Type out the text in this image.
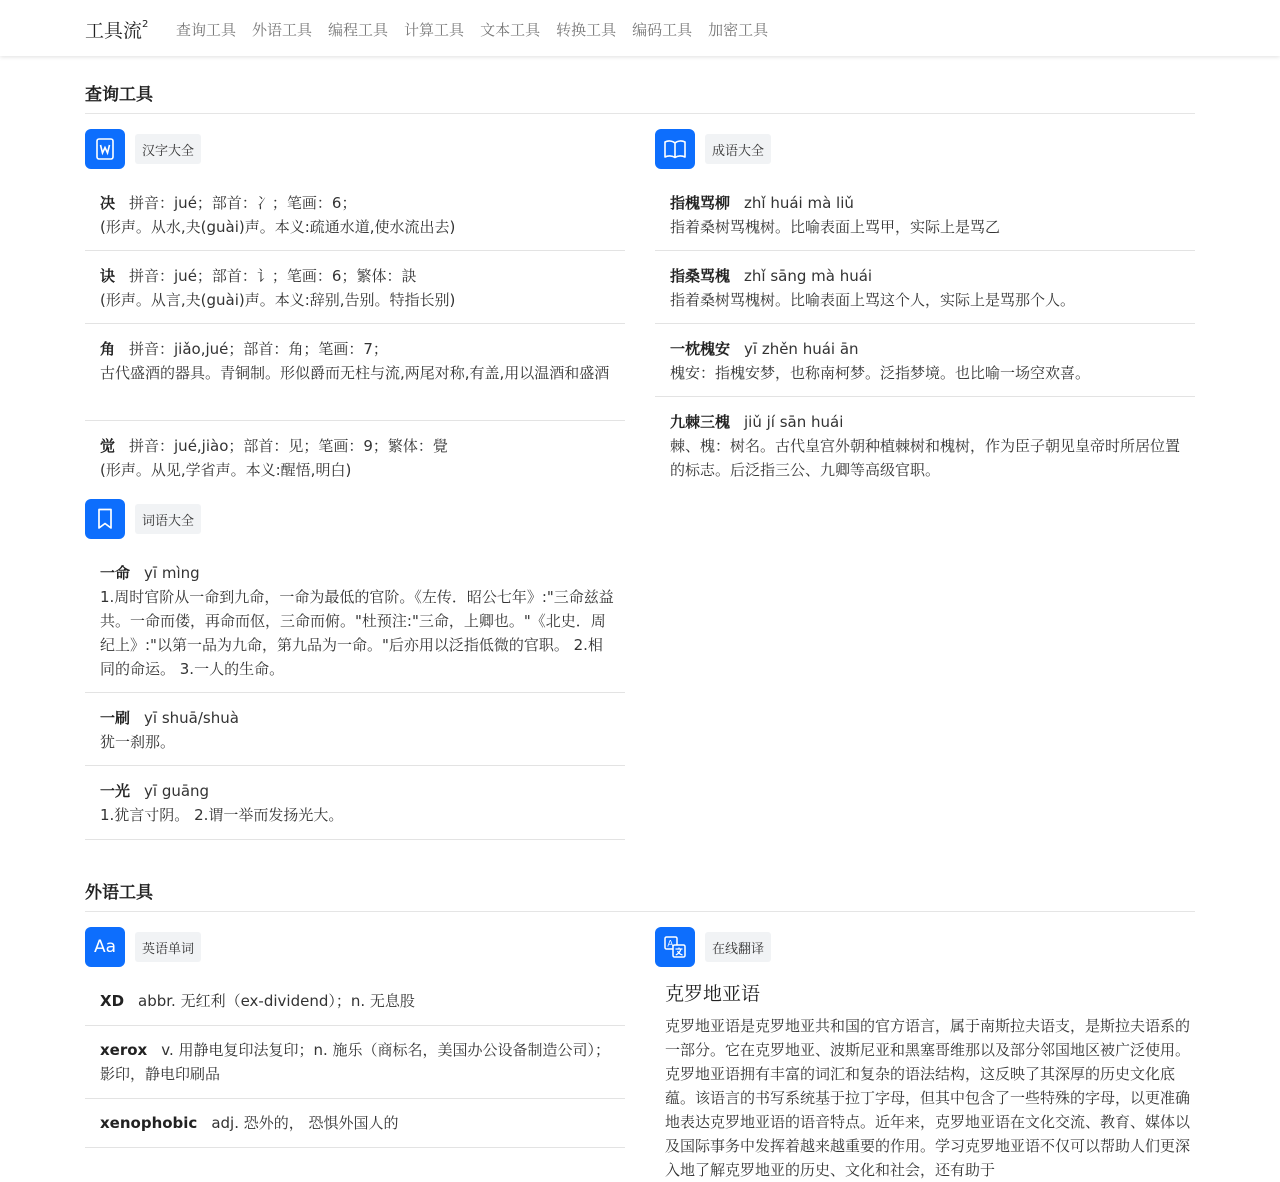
工具流$^2$ 查询工具 外语工具 编程工具 计算工具 文本工具 转换工具 编码工具 加密工具
查询工具
汉字大全
决 拼音：jué；部首：冫；笔画：6；
(形声。从水,夬(guài)声。本义:疏通水道,使水流出去)
诀 拼音：jué；部首：讠；笔画：6；繁体：訣
(形声。从言,夬(guài)声。本义:辞别,告别。特指长别)
角 拼音：jiǎo,jué；部首：角；笔画：7；
古代盛酒的器具。青铜制。形似爵而无柱与流,两尾对称,有盖,用以温酒和盛酒
觉 拼音：jué,jiào；部首：见；笔画：9；繁体：覺
(形声。从见,学省声。本义:醒悟,明白)
成语大全
指槐骂柳 zhǐ huái mà liǔ
指着桑树骂槐树。比喻表面上骂甲，实际上是骂乙
指桑骂槐 zhǐ sāng mà huái
指着桑树骂槐树。比喻表面上骂这个人，实际上是骂那个人。
一枕槐安 yī zhěn huái ān
槐安：指槐安梦，也称南柯梦。泛指梦境。也比喻一场空欢喜。
九棘三槐 jiǔ jí sān huái
棘、槐：树名。古代皇宫外朝种植棘树和槐树，作为臣子朝见皇帝时所居位置的标志。后泛指三公、九卿等高级官职。
词语大全
一命 yī mìng
1.周时官阶从一命到九命，一命为最低的官阶。《左传．昭公七年》:"三命兹益共。一命而偻，再命而伛，三命而俯。"杜预注:"三命，上卿也。"《北史．周纪上》:"以第一品为九命，第九品为一命。"后亦用以泛指低微的官职。 2.相同的命运。 3.一人的生命。
一刷 yī shuā/shuà
犹一刹那。
一光 yī guāng
1.犹言寸阴。 2.谓一举而发扬光大。
外语工具
Aa	英语单词
XD abbr. 无红利（ex-dividend）；n. 无息股
xerox v. 用静电复印法复印；n. 施乐（商标名，美国办公设备制造公司）；影印，静电印刷品
xenophobic adj. 恐外的， 恐惧外国人的
A	在线翻译
克罗地亚语
克罗地亚语是克罗地亚共和国的官方语言，属于南斯拉夫语支，是斯拉夫语系的一部分。它在克罗地亚、波斯尼亚和黑塞哥维那以及部分邻国地区被广泛使用。克罗地亚语拥有丰富的词汇和复杂的语法结构，这反映了其深厚的历史文化底蕴。该语言的书写系统基于拉丁字母，但其中包含了一些特殊的字母，以更准确地表达克罗地亚语的语音特点。近年来，克罗地亚语在文化交流、教育、媒体以及国际事务中发挥着越来越重要的作用。学习克罗地亚语不仅可以帮助人们更深入地了解克罗地亚的历史、文化和社会，还有助于
